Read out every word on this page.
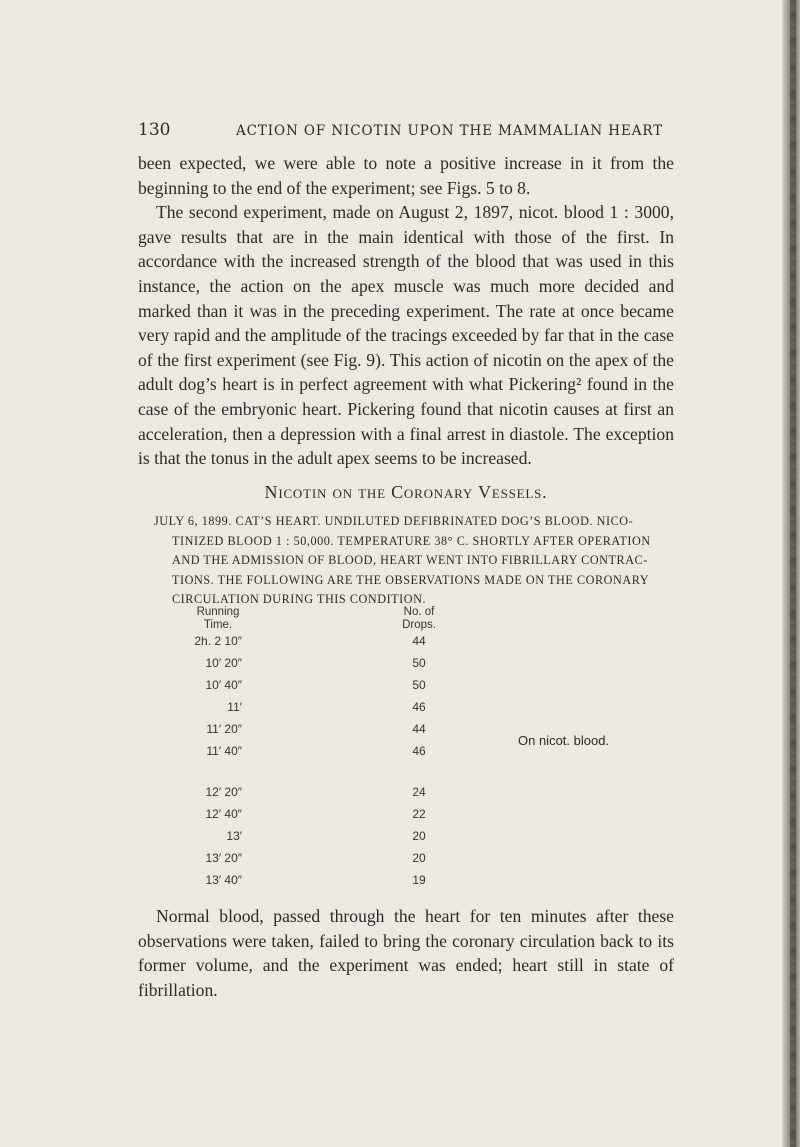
130	ACTION OF NICOTIN UPON THE MAMMALIAN HEART

been expected, we were able to note a positive increase in it from the beginning to the end of the experiment; see Figs. 5 to 8.

The second experiment, made on August 2, 1897, nicot. blood 1 : 3000, gave results that are in the main identical with those of the first. In accordance with the increased strength of the blood that was used in this instance, the action on the apex muscle was much more decided and marked than it was in the preceding experiment. The rate at once became very rapid and the amplitude of the tracings exceeded by far that in the case of the first experiment (see Fig. 9). This action of nicotin on the apex of the adult dog’s heart is in perfect agreement with what Pickering² found in the case of the embryonic heart. Pickering found that nicotin causes at first an acceleration, then a depression with a final arrest in diastole. The exception is that the tonus in the adult apex seems to be increased.

Nicotin on the Coronary Vessels.
JULY 6, 1899. CAT’S HEART. UNDILUTED DEFIBRINATED DOG’S BLOOD. NICO-
TINIZED BLOOD 1 : 50,000. TEMPERATURE 38° C. SHORTLY AFTER OPERATION
AND THE ADMISSION OF BLOOD, HEART WENT INTO FIBRILLARY CONTRAC-
TIONS. THE FOLLOWING ARE THE OBSERVATIONS MADE ON THE CORONARY
CIRCULATION DURING THIS CONDITION.
Running
Time.
No. of
Drops.
2h. 2 10″	44
10′ 20″	50
10′ 40″	50
11′	46
11′ 20″	44
11′ 40″	46
12′ 20″	24
12′ 40″	22
13′	20
13′ 20″	20
13′ 40″	19
On nicot. blood.

Normal blood, passed through the heart for ten minutes after these observations were taken, failed to bring the coronary circulation back to its former volume, and the experiment was ended; heart still in state of fibrillation.
